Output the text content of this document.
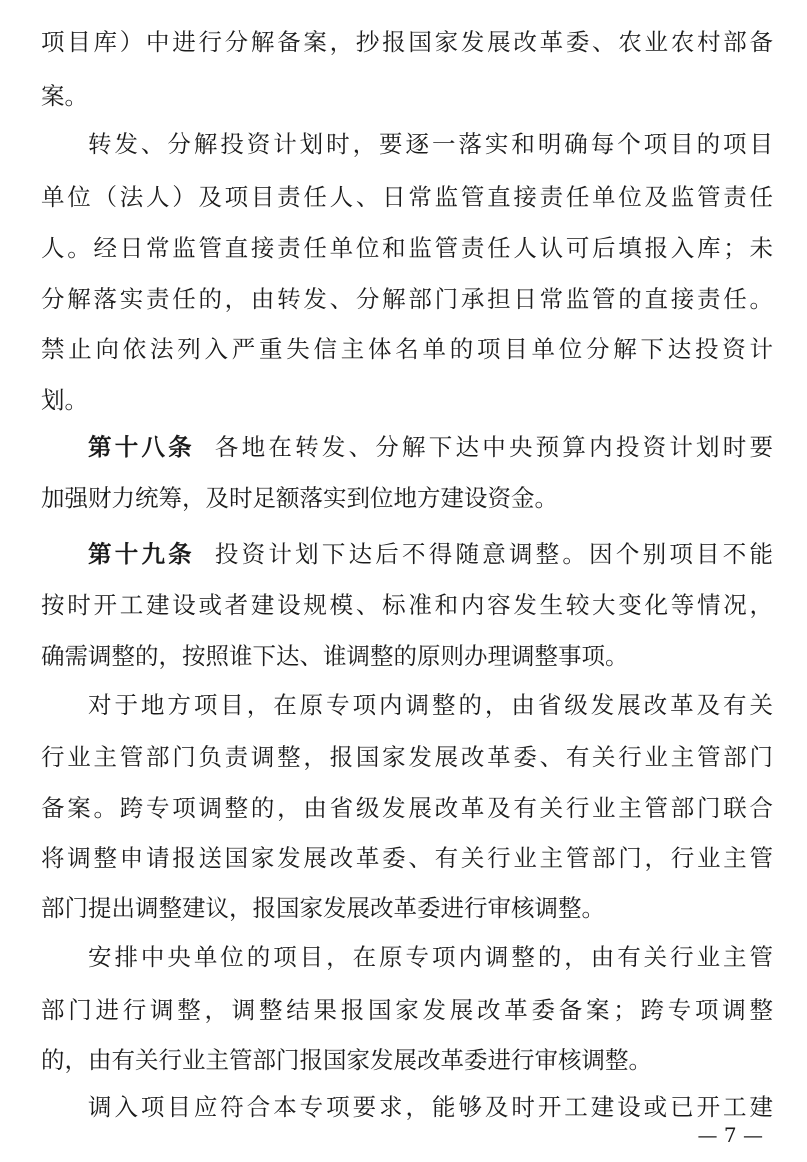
项目库）中进行分解备案，抄报国家发展改革委、农业农村部备
案。
转发、分解投资计划时，要逐一落实和明确每个项目的项目
单位（法人）及项目责任人、日常监管直接责任单位及监管责任
人。经日常监管直接责任单位和监管责任人认可后填报入库；未
分解落实责任的，由转发、分解部门承担日常监管的直接责任。
禁止向依法列入严重失信主体名单的项目单位分解下达投资计
划。
第十八条 各地在转发、分解下达中央预算内投资计划时要
加强财力统筹，及时足额落实到位地方建设资金。
第十九条 投资计划下达后不得随意调整。因个别项目不能
按时开工建设或者建设规模、标准和内容发生较大变化等情况，
确需调整的，按照谁下达、谁调整的原则办理调整事项。
对于地方项目，在原专项内调整的，由省级发展改革及有关
行业主管部门负责调整，报国家发展改革委、有关行业主管部门
备案。跨专项调整的，由省级发展改革及有关行业主管部门联合
将调整申请报送国家发展改革委、有关行业主管部门，行业主管
部门提出调整建议，报国家发展改革委进行审核调整。
安排中央单位的项目，在原专项内调整的，由有关行业主管
部门进行调整，调整结果报国家发展改革委备案；跨专项调整
的，由有关行业主管部门报国家发展改革委进行审核调整。
调入项目应符合本专项要求，能够及时开工建设或已开工建
— 7 —
